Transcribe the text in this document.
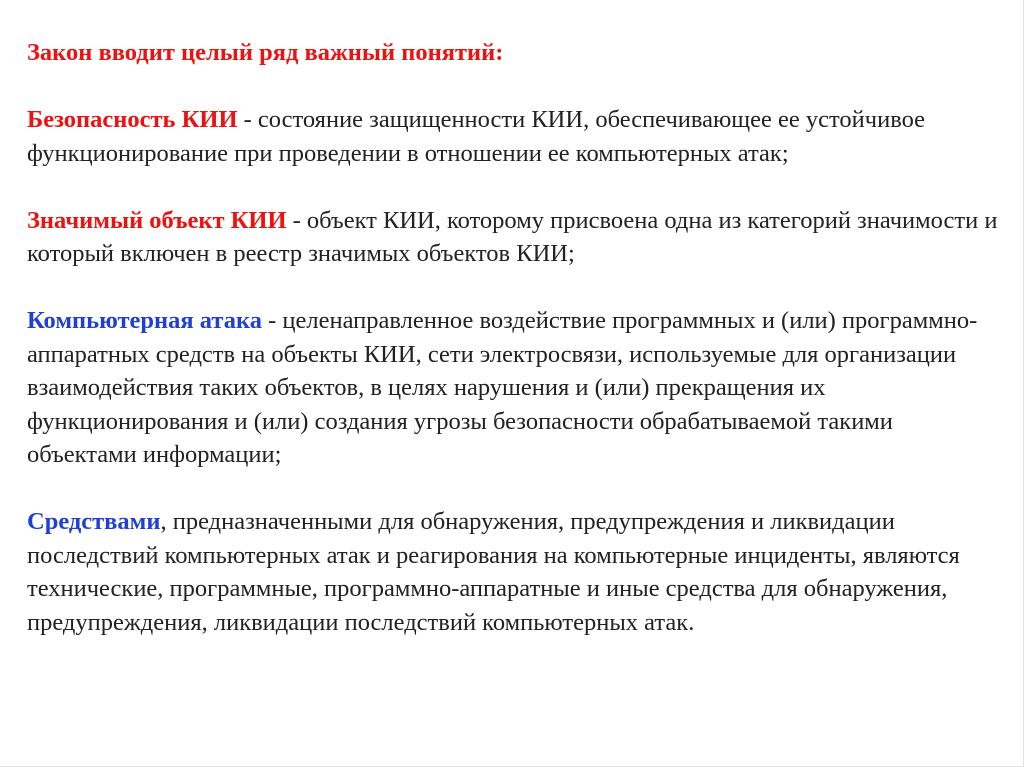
Закон вводит целый ряд важный понятий:

Безопасность КИИ - состояние защищенности КИИ, обеспечивающее ее устойчивое функционирование при проведении в отношении ее компьютерных атак;

Значимый объект КИИ - объект КИИ, которому присвоена одна из категорий значимости и который включен в реестр значимых объектов КИИ;

Компьютерная атака - целенаправленное воздействие программных и (или) программно-аппаратных средств на объекты КИИ, сети электросвязи, используемые для организации взаимодействия таких объектов, в целях нарушения и (или) прекращения их функционирования и (или) создания угрозы безопасности обрабатываемой такими объектами информации;

Средствами, предназначенными для обнаружения, предупреждения и ликвидации последствий компьютерных атак и реагирования на компьютерные инциденты, являются технические, программные, программно-аппаратные и иные средства для обнаружения, предупреждения, ликвидации последствий компьютерных атак.
